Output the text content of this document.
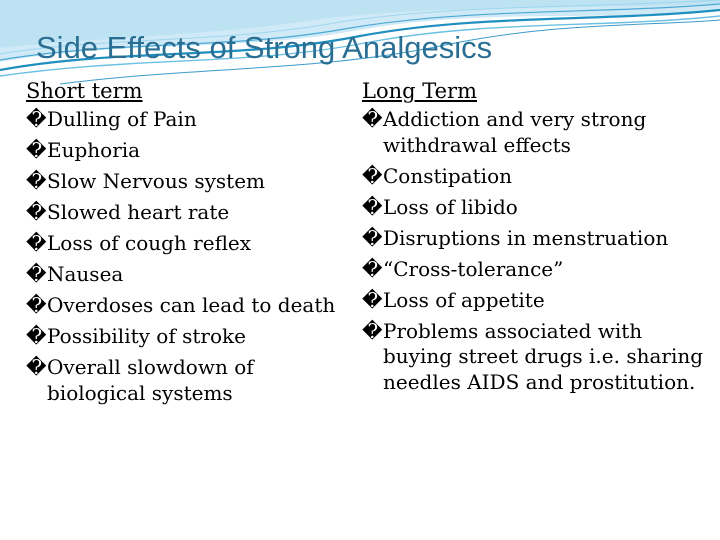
Side Effects of Strong Analgesics
Short term
�Dulling of Pain
�Euphoria
�Slow Nervous system
�Slowed heart rate
�Loss of cough reflex
�Nausea
�Overdoses can lead to death
�Possibility of stroke
�Overall slowdown of biological systems
Long Term
�Addiction and very strong withdrawal effects
�Constipation
�Loss of libido
�Disruptions in menstruation
�“Cross-tolerance”
�Loss of appetite
�Problems associated with buying street drugs i.e. sharing needles AIDS and prostitution.
